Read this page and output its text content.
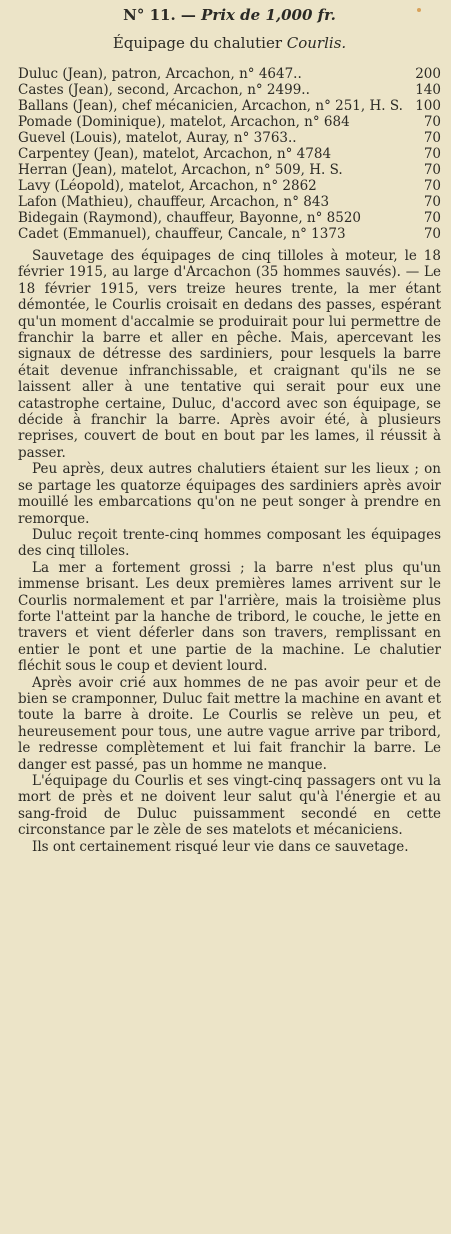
N° 11. — Prix de 1,000 fr.
Équipage du chalutier Courlis.
Duluc (Jean), patron, Arcachon, n° 4647..	200
Castes (Jean), second, Arcachon, n° 2499..	140
Ballans (Jean), chef mécanicien, Arcachon, n° 251, H. S. 100
Pomade (Dominique), matelot, Arcachon, n° 684	70
Guevel (Louis), matelot, Auray, n° 3763..	70
Carpentey (Jean), matelot, Arcachon, n° 4784	70
Herran (Jean), matelot, Arcachon, n° 509, H. S.	70
Lavy (Léopold), matelot, Arcachon, n° 2862	70
Lafon (Mathieu), chauffeur, Arcachon, n° 843	70
Bidegain (Raymond), chauffeur, Bayonne, n° 8520	70
Cadet (Emmanuel), chauffeur, Cancale, n° 1373	70

Sauvetage des équipages de cinq tilloles à moteur, le 18 février 1915, au large d'Arcachon (35 hommes sauvés). — Le 18 février 1915, vers treize heures trente, la mer étant démontée, le Courlis croisait en dedans des passes, espérant qu'un moment d'accalmie se produirait pour lui permettre de franchir la barre et aller en pêche. Mais, apercevant les signaux de détresse des sardiniers, pour lesquels la barre était devenue infranchissable, et craignant qu'ils ne se laissent aller à une tentative qui serait pour eux une catastrophe certaine, Duluc, d'accord avec son équipage, se décide à franchir la barre. Après avoir été, à plusieurs reprises, couvert de bout en bout par les lames, il réussit à passer.

Peu après, deux autres chalutiers étaient sur les lieux ; on se partage les quatorze équipages des sardiniers après avoir mouillé les embarcations qu'on ne peut songer à prendre en remorque.

Duluc reçoit trente-cinq hommes composant les équipages des cinq tilloles.

La mer a fortement grossi ; la barre n'est plus qu'un immense brisant. Les deux premières lames arrivent sur le Courlis normalement et par l'arrière, mais la troisième plus forte l'atteint par la hanche de tribord, le couche, le jette en travers et vient déferler dans son travers, remplissant en entier le pont et une partie de la machine. Le chalutier fléchit sous le coup et devient lourd.

Après avoir crié aux hommes de ne pas avoir peur et de bien se cramponner, Duluc fait mettre la machine en avant et toute la barre à droite. Le Courlis se relève un peu, et heureusement pour tous, une autre vague arrive par tribord, le redresse complètement et lui fait franchir la barre. Le danger est passé, pas un homme ne manque.

L'équipage du Courlis et ses vingt-cinq passagers ont vu la mort de près et ne doivent leur salut qu'à l'énergie et au sang-froid de Duluc puissamment secondé en cette circonstance par le zèle de ses matelots et mécaniciens.

Ils ont certainement risqué leur vie dans ce sauvetage.
